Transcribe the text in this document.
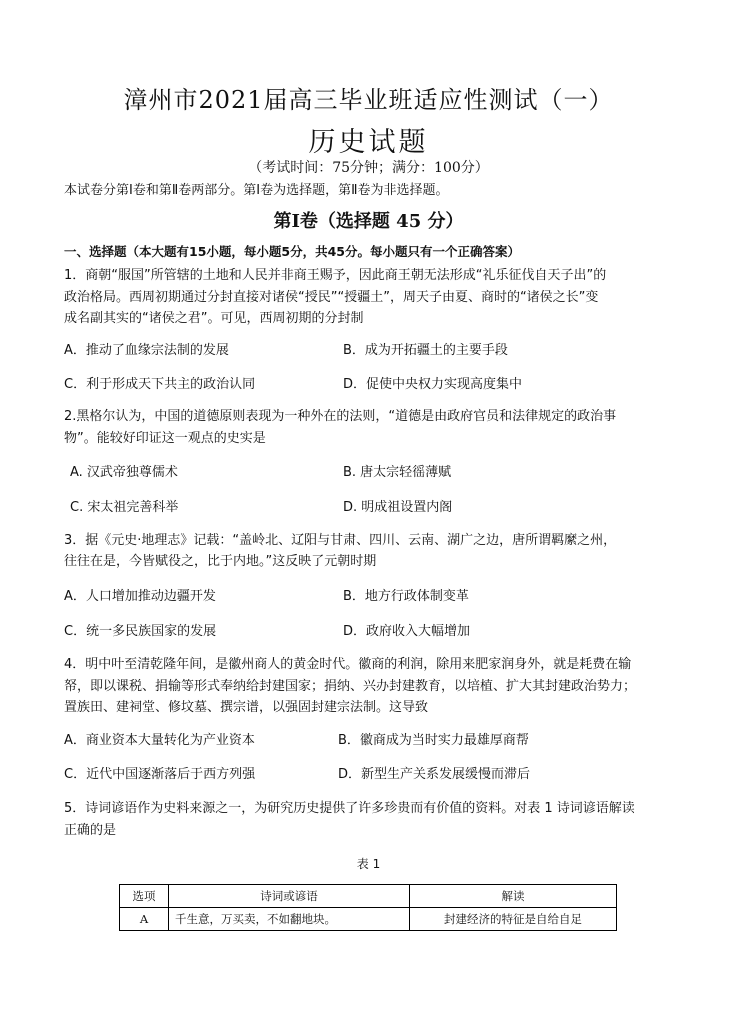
漳州市2021届高三毕业班适应性测试（一）
历史试题
（考试时间：75分钟；满分：100分）
本试卷分第Ⅰ卷和第Ⅱ卷两部分。第Ⅰ卷为选择题，第Ⅱ卷为非选择题。
第Ⅰ卷（选择题 45 分）
一、选择题（本大题有15小题，每小题5分，共45分。每小题只有一个正确答案）
1．商朝“服国”所管辖的土地和人民并非商王赐予，因此商王朝无法形成“礼乐征伐自天子出”的
政治格局。西周初期通过分封直接对诸侯“授民”“授疆土”，周天子由夏、商时的“诸侯之长”变
成名副其实的“诸侯之君”。可见，西周初期的分封制
A．推动了血缘宗法制的发展	B．成为开拓疆土的主要手段
C．利于形成天下共主的政治认同	D．促使中央权力实现高度集中
2.黑格尔认为，中国的道德原则表现为一种外在的法则，“道德是由政府官员和法律规定的政治事
物”。能较好印证这一观点的史实是
A. 汉武帝独尊儒术	B. 唐太宗轻徭薄赋
C. 宋太祖完善科举	D. 明成祖设置内阁
3．据《元史·地理志》记载：“盖岭北、辽阳与甘肃、四川、云南、湖广之边，唐所谓羁縻之州，
往往在是，今皆赋役之，比于内地。”这反映了元朝时期
A．人口增加推动边疆开发	B．地方行政体制变革
C．统一多民族国家的发展	D．政府收入大幅增加
4．明中叶至清乾隆年间，是徽州商人的黄金时代。徽商的利润，除用来肥家润身外，就是耗费在输
帑，即以课税、捐输等形式奉纳给封建国家；捐纳、兴办封建教育，以培植、扩大其封建政治势力；
置族田、建祠堂、修坟墓、撰宗谱，以强固封建宗法制。这导致
A．商业资本大量转化为产业资本	B．徽商成为当时实力最雄厚商帮
C．近代中国逐渐落后于西方列强	D．新型生产关系发展缓慢而滞后
5．诗词谚语作为史料来源之一，为研究历史提供了许多珍贵而有价值的资料。对表 1 诗词谚语解读
正确的是
表 1
选项	诗词或谚语	解读
A	千生意，万买卖，不如翻地块。	封建经济的特征是自给自足
